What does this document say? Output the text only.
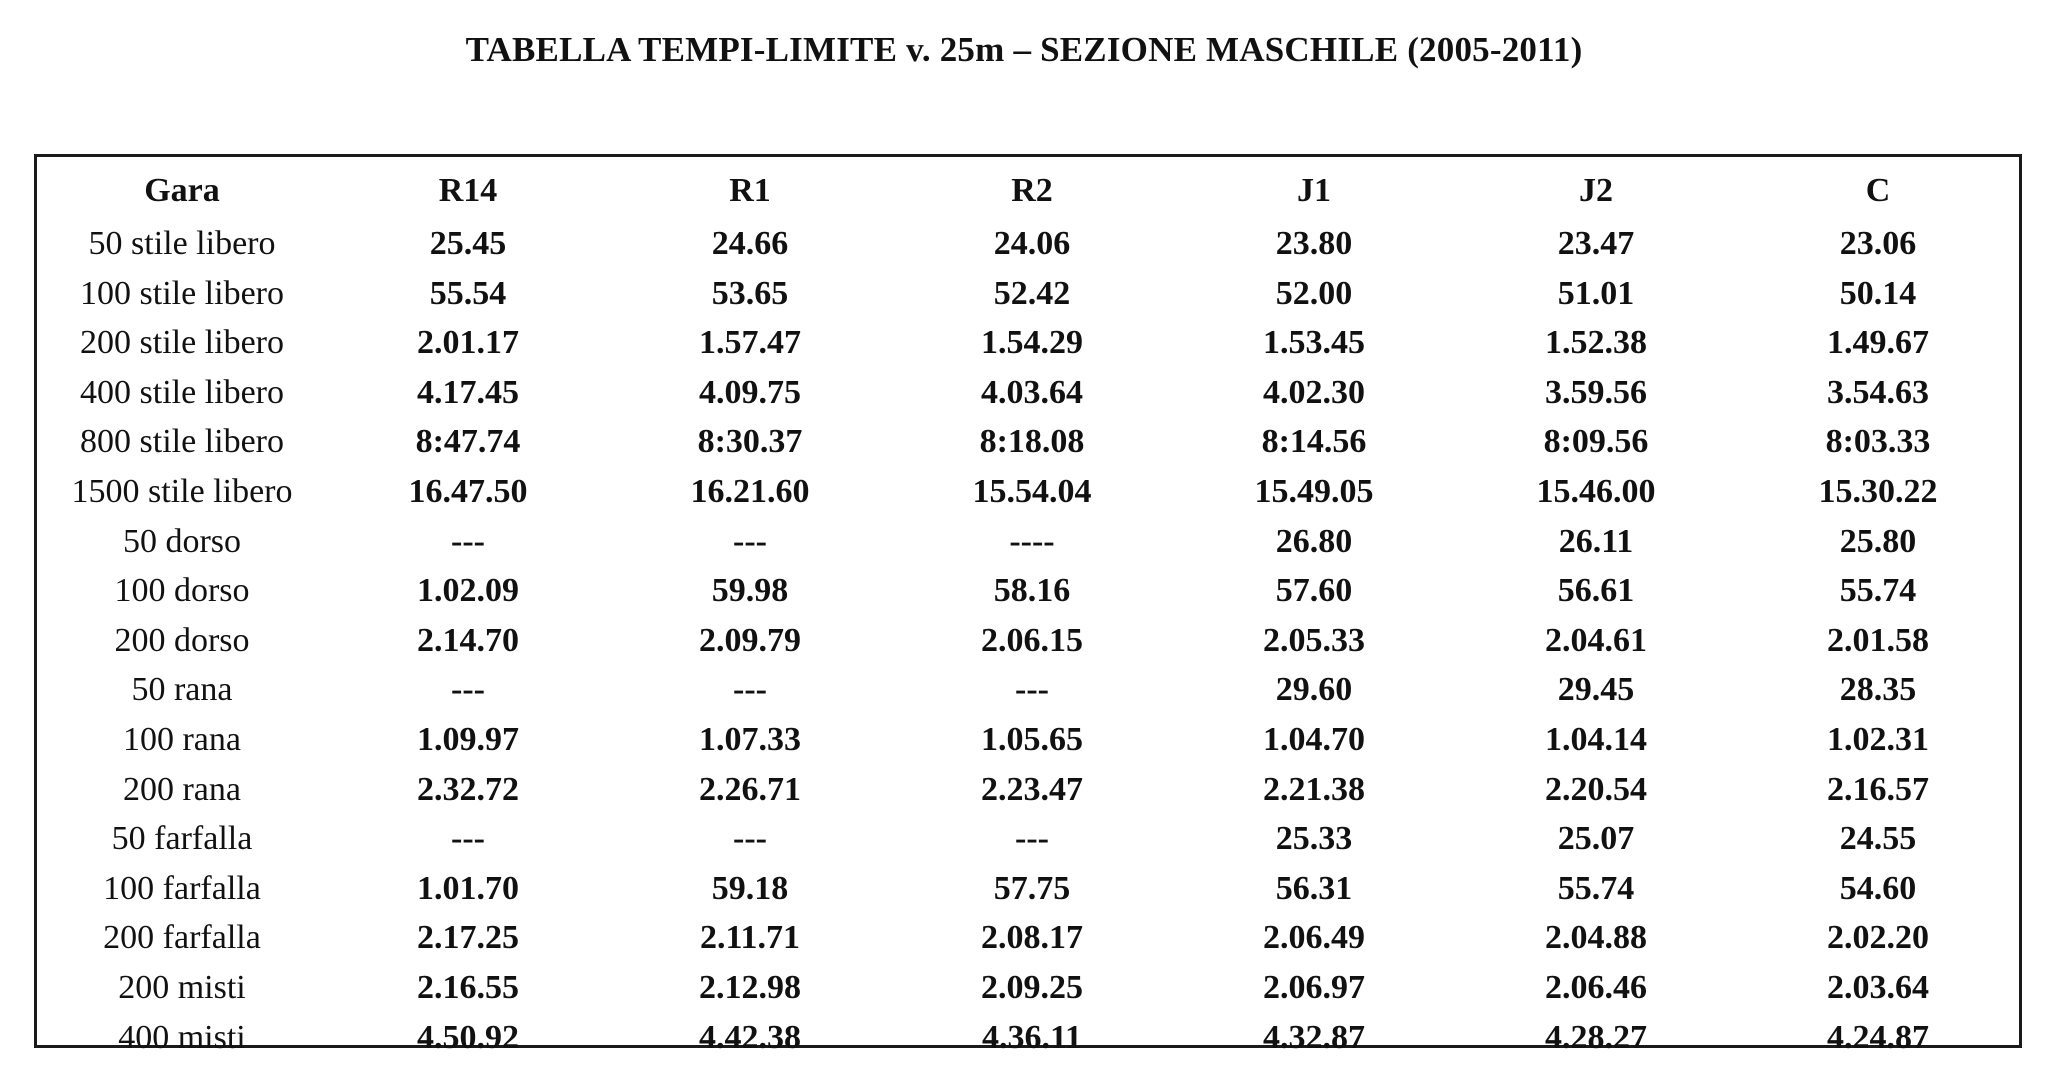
TABELLA TEMPI-LIMITE v. 25m – SEZIONE MASCHILE (2005-2011)
Gara	R14	R1	R2	J1	J2	C
50 stile libero	25.45	24.66	24.06	23.80	23.47	23.06
100 stile libero	55.54	53.65	52.42	52.00	51.01	50.14
200 stile libero	2.01.17	1.57.47	1.54.29	1.53.45	1.52.38	1.49.67
400 stile libero	4.17.45	4.09.75	4.03.64	4.02.30	3.59.56	3.54.63
800 stile libero	8:47.74	8:30.37	8:18.08	8:14.56	8:09.56	8:03.33
1500 stile libero	16.47.50	16.21.60	15.54.04	15.49.05	15.46.00	15.30.22
50 dorso	---	---	----	26.80	26.11	25.80
100 dorso	1.02.09	59.98	58.16	57.60	56.61	55.74
200 dorso	2.14.70	2.09.79	2.06.15	2.05.33	2.04.61	2.01.58
50 rana	---	---	---	29.60	29.45	28.35
100 rana	1.09.97	1.07.33	1.05.65	1.04.70	1.04.14	1.02.31
200 rana	2.32.72	2.26.71	2.23.47	2.21.38	2.20.54	2.16.57
50 farfalla	---	---	---	25.33	25.07	24.55
100 farfalla	1.01.70	59.18	57.75	56.31	55.74	54.60
200 farfalla	2.17.25	2.11.71	2.08.17	2.06.49	2.04.88	2.02.20
200 misti	2.16.55	2.12.98	2.09.25	2.06.97	2.06.46	2.03.64
400 misti	4.50.92	4.42.38	4.36.11	4.32.87	4.28.27	4.24.87
